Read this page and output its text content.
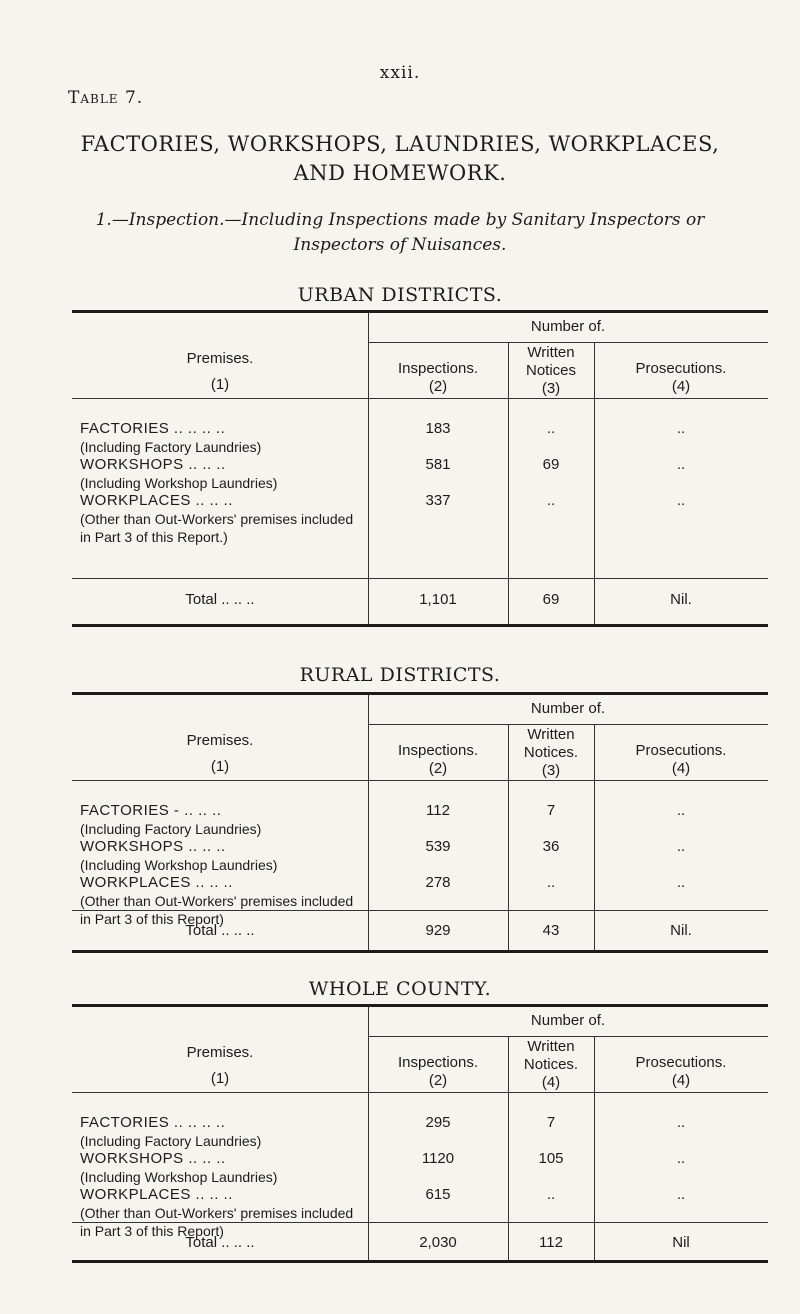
xxii.
Table 7.
FACTORIES, WORKSHOPS, LAUNDRIES, WORKPLACES,
AND HOMEWORK.
1.—Inspection.—Including Inspections made by Sanitary Inspectors or
Inspectors of Nuisances.
URBAN DISTRICTS.
Number of.
Premises.
(1)
Inspections.
(2)
Written Notices
(3)
Prosecutions.
(4)
FACTORIES .. .. .. ..
(Including Factory Laundries)
183	..	..
WORKSHOPS .. .. ..
(Including Workshop Laundries)
581	69	..
WORKPLACES .. .. ..
(Other than Out-Workers' premises included in Part 3 of this Report.)
337	..	..
Total .. .. ..	1,101	69	Nil.
RURAL DISTRICTS.
Number of.
Premises.
(1)
Inspections.
(2)
Written Notices.
(3)
Prosecutions.
(4)
FACTORIES - .. .. ..
(Including Factory Laundries)
112	7	..
WORKSHOPS .. .. ..
(Including Workshop Laundries)
539	36	..
WORKPLACES .. .. ..
(Other than Out-Workers' premises included in Part 3 of this Report)
278	..	..
Total .. .. ..	929	43	Nil.
WHOLE COUNTY.
Number of.
Premises.
(1)
Inspections.
(2)
Written Notices.
(4)
Prosecutions.
(4)
FACTORIES .. .. .. ..
(Including Factory Laundries)
295	7	..
WORKSHOPS .. .. ..
(Including Workshop Laundries)
1120	105	..
WORKPLACES .. .. ..
(Other than Out-Workers' premises included in Part 3 of this Report)
615	..	..
Total .. .. ..	2,030	112	Nil
